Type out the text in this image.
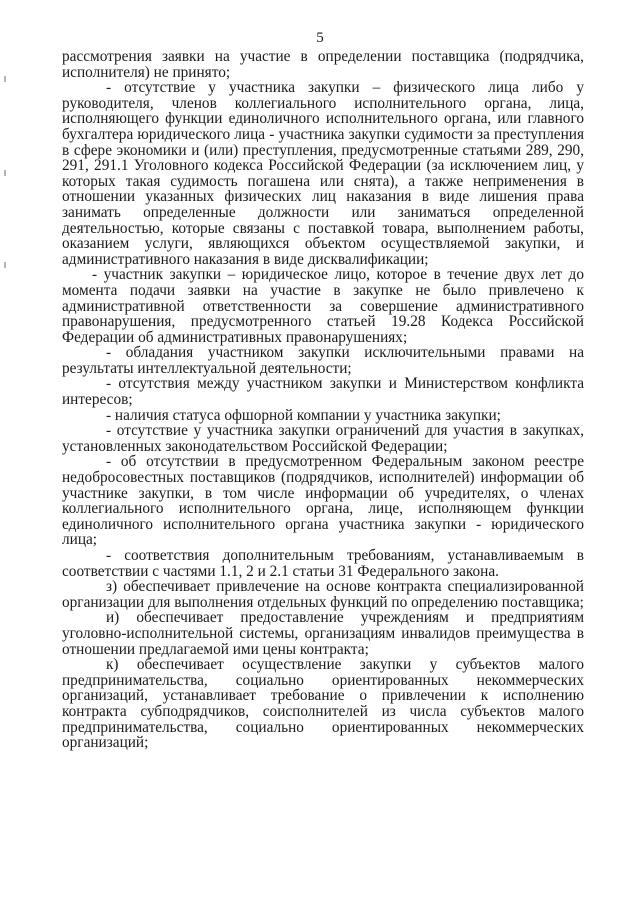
5

рассмотрения заявки на участие в определении поставщика (подрядчика, исполнителя) не принято;

- отсутствие у участника закупки – физического лица либо у руководителя, членов коллегиального исполнительного органа, лица, исполняющего функции единоличного исполнительного органа, или главного бухгалтера юридического лица - участника закупки судимости за преступления в сфере экономики и (или) преступления, предусмотренные статьями 289, 290, 291, 291.1 Уголовного кодекса Российской Федерации (за исключением лиц, у которых такая судимость погашена или снята), а также неприменения в отношении указанных физических лиц наказания в виде лишения права занимать определенные должности или заниматься определенной деятельностью, которые связаны с поставкой товара, выполнением работы, оказанием услуги, являющихся объектом осуществляемой закупки, и административного наказания в виде дисквалификации;

- участник закупки – юридическое лицо, которое в течение двух лет до момента подачи заявки на участие в закупке не было привлечено к административной ответственности за совершение административного правонарушения, предусмотренного статьей 19.28 Кодекса Российской Федерации об административных правонарушениях;

- обладания участником закупки исключительными правами на результаты интеллектуальной деятельности;

- отсутствия между участником закупки и Министерством конфликта интересов;

- наличия статуса офшорной компании у участника закупки;

- отсутствие у участника закупки ограничений для участия в закупках, установленных законодательством Российской Федерации;

- об отсутствии в предусмотренном Федеральным законом реестре недобросовестных поставщиков (подрядчиков, исполнителей) информации об участнике закупки, в том числе информации об учредителях, о членах коллегиального исполнительного органа, лице, исполняющем функции единоличного исполнительного органа участника закупки - юридического лица;

- соответствия дополнительным требованиям, устанавливаемым в соответствии с частями 1.1, 2 и 2.1 статьи 31 Федерального закона.

з) обеспечивает привлечение на основе контракта специализированной организации для выполнения отдельных функций по определению поставщика;

и) обеспечивает предоставление учреждениям и предприятиям уголовно-исполнительной системы, организациям инвалидов преимущества в отношении предлагаемой ими цены контракта;

к) обеспечивает осуществление закупки у субъектов малого предпринимательства, социально ориентированных некоммерческих организаций, устанавливает требование о привлечении к исполнению контракта субподрядчиков, соисполнителей из числа субъектов малого предпринимательства, социально ориентированных некоммерческих организаций;
